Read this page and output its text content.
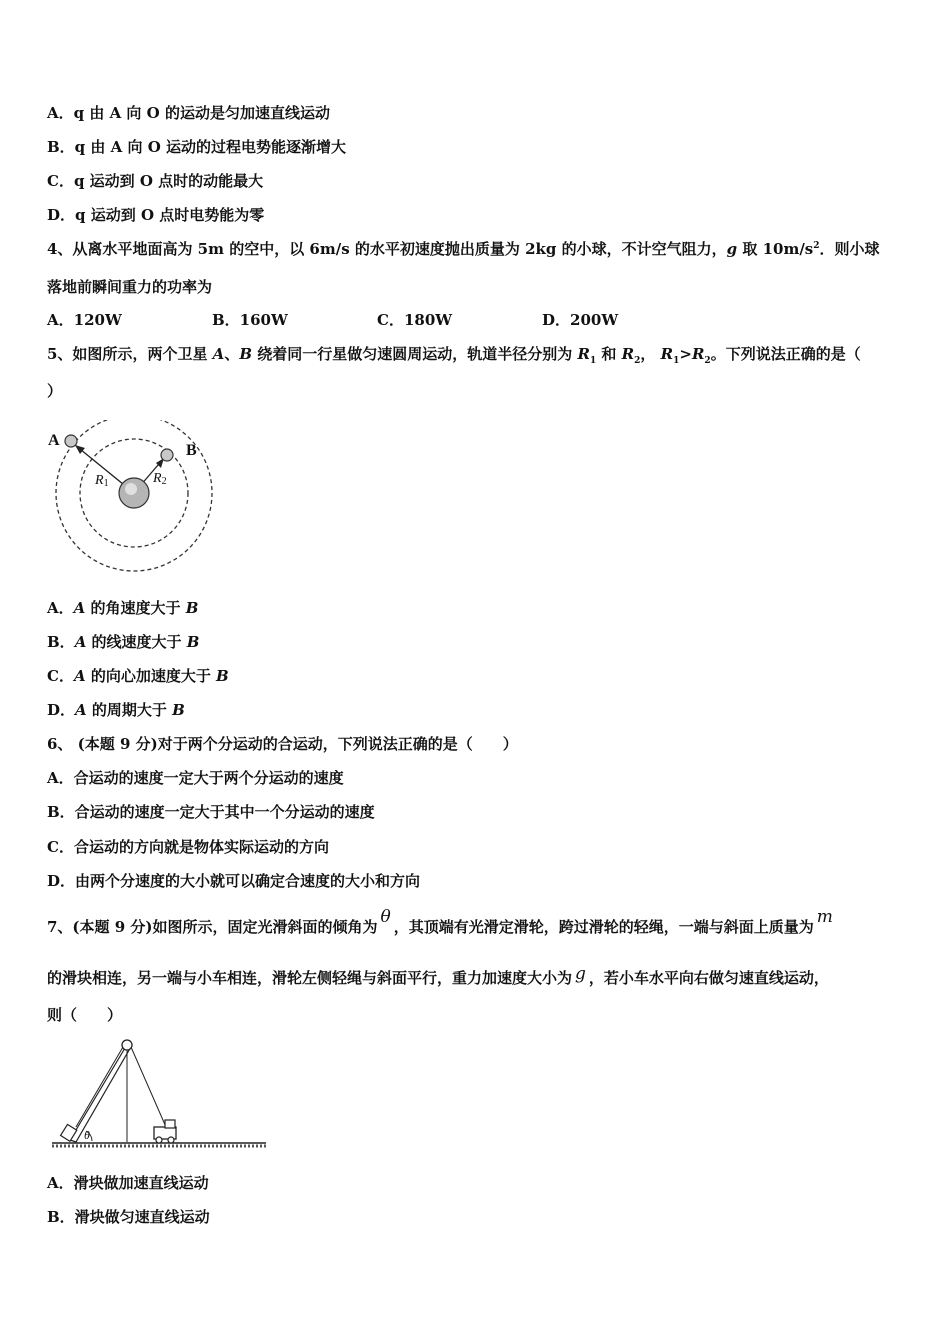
A．q 由 A 向 O 的运动是匀加速直线运动
B．q 由 A 向 O 运动的过程电势能逐渐增大
C．q 运动到 O 点时的动能最大
D．q 运动到 O 点时电势能为零
4、从离水平地面高为 5m 的空中，以 6m/s 的水平初速度抛出质量为 2kg 的小球，不计空气阻力，g 取 $10m/s^2$．则小球
落地前瞬间重力的功率为
A．120W	B．160W	C．180W	D．200W
5、如图所示，两个卫星 A、B 绕着同一行星做匀速圆周运动，轨道半径分别为 $R_1$ 和 $R_2$， $R_1>R_2$。下列说法正确的是（
）
A
B
R1	R2
A．A 的角速度大于 B
B．A 的线速度大于 B
C．A 的向心加速度大于 B
D．A 的周期大于 B
6、 (本题 9 分)对于两个分运动的合运动，下列说法正确的是（　　）
A．合运动的速度一定大于两个分运动的速度
B．合运动的速度一定大于其中一个分运动的速度
C．合运动的方向就是物体实际运动的方向
D．由两个分速度的大小就可以确定合速度的大小和方向
7、(本题 9 分)如图所示，固定光滑斜面的倾角为 θ ，其顶端有光滑定滑轮，跨过滑轮的轻绳，一端与斜面上质量为 m
的滑块相连，另一端与小车相连，滑轮左侧轻绳与斜面平行，重力加速度大小为 g ，若小车水平向右做匀速直线运动，
则（　　）
θ
A．滑块做加速直线运动
B．滑块做匀速直线运动
